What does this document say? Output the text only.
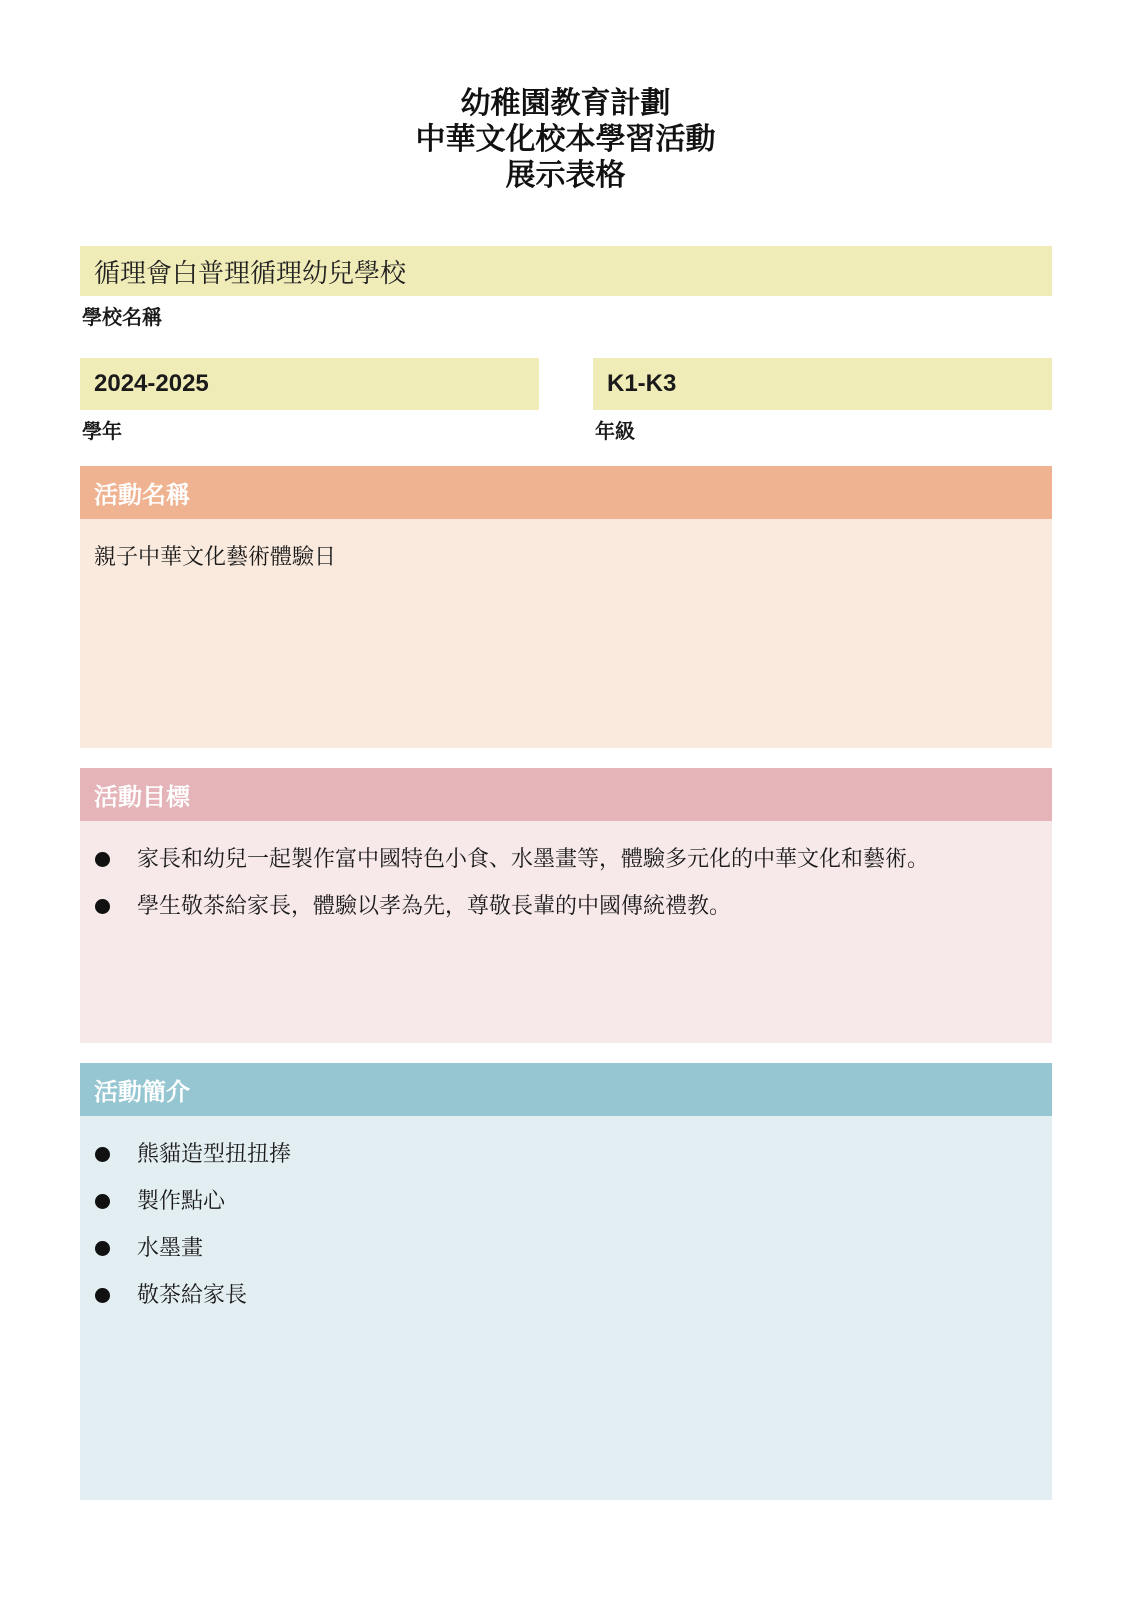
幼稚園教育計劃
中華文化校本學習活動
展示表格
循理會白普理循理幼兒學校
學校名稱
2024-2025
學年
K1-K3
年級
活動名稱
親子中華文化藝術體驗日
活動目標
家長和幼兒一起製作富中國特色小食、水墨畫等，體驗多元化的中華文化和藝術。
學生敬茶給家長，體驗以孝為先，尊敬長輩的中國傳統禮教。
活動簡介
熊貓造型扭扭捧
製作點心
水墨畫
敬茶給家長
